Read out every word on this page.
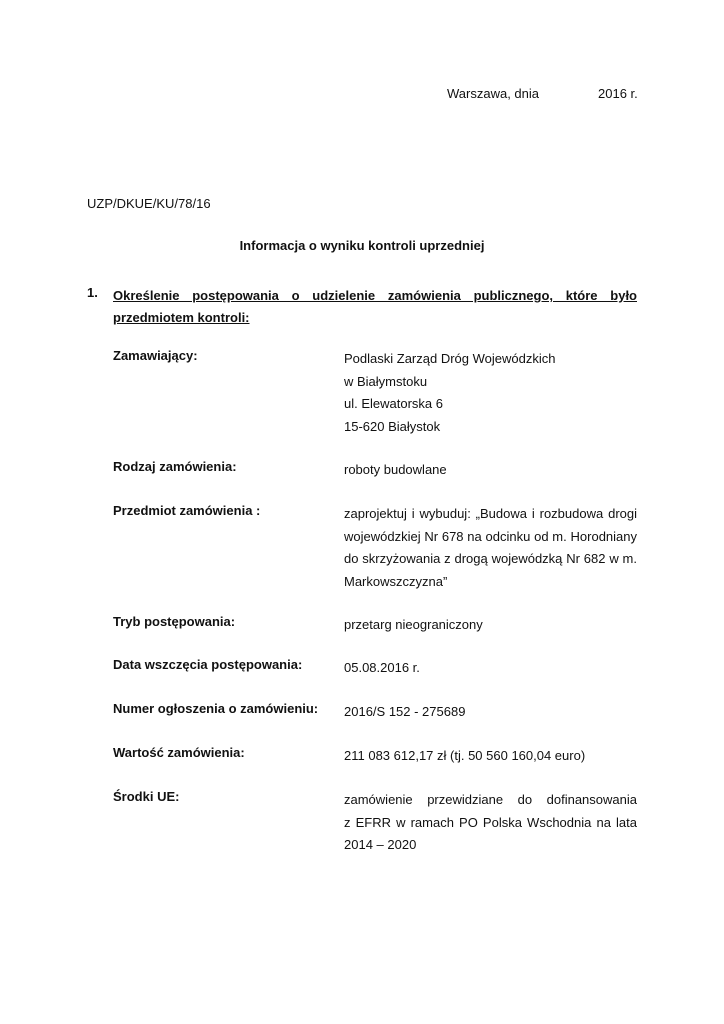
Warszawa, dnia	2016 r.
UZP/DKUE/KU/78/16
Informacja o wyniku kontroli uprzedniej
1. Określenie postępowania o udzielenie zamówienia publicznego, które było przedmiotem kontroli:
Zamawiający:	Podlaski Zarząd Dróg Wojewódzkich
w Białymstoku
ul. Elewatorska 6
15-620 Białystok
Rodzaj zamówienia:	roboty budowlane
Przedmiot zamówienia :	zaprojektuj i wybuduj: „Budowa i rozbudowa drogi
wojewódzkiej Nr 678 na odcinku od m. Horodniany
do skrzyżowania z drogą wojewódzką Nr 682 w m.
Markowszczyzna”
Tryb postępowania:	przetarg nieograniczony
Data wszczęcia postępowania:	05.08.2016 r.
Numer ogłoszenia o zamówieniu: 2016/S 152 - 275689
Wartość zamówienia:	211 083 612,17 zł (tj. 50 560 160,04 euro)
Środki UE:	zamówienie przewidziane do dofinansowania
z EFRR w ramach PO Polska Wschodnia na lata
2014 – 2020
